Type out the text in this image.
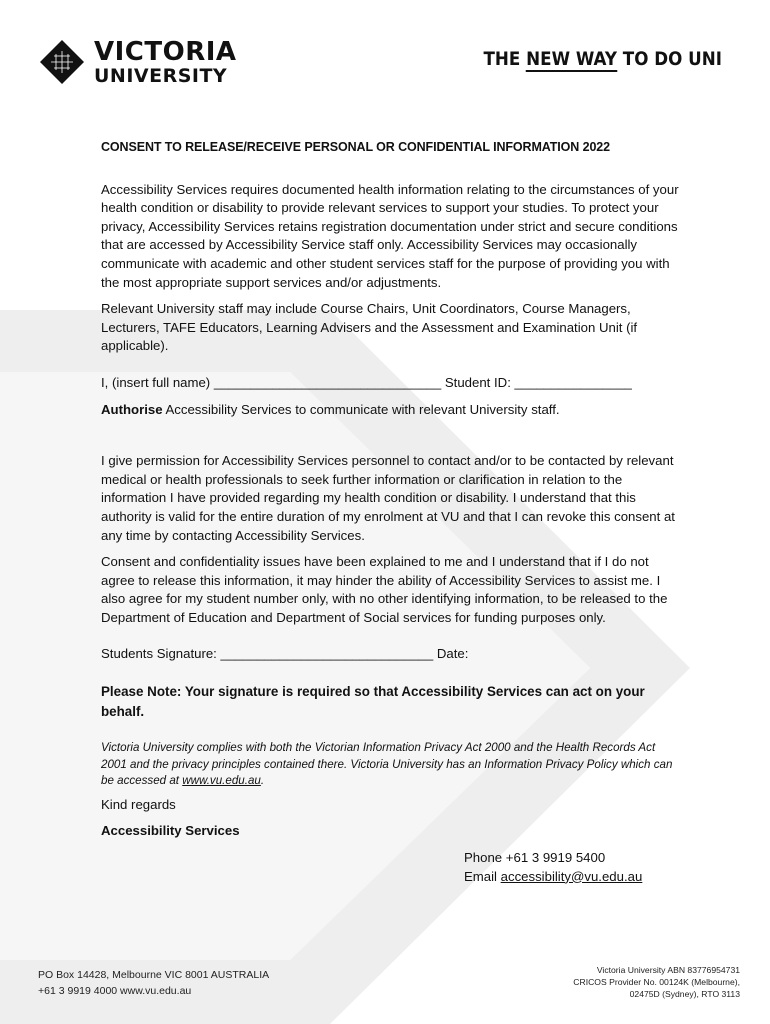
VICTORIA
UNIVERSITY
THE NEW WAY TO DO UNI
CONSENT TO RELEASE/RECEIVE PERSONAL OR CONFIDENTIAL INFORMATION 2022

Accessibility Services requires documented health information relating to the circumstances of your health condition or disability to provide relevant services to support your studies. To protect your privacy, Accessibility Services retains registration documentation under strict and secure conditions that are accessed by Accessibility Service staff only. Accessibility Services may occasionally communicate with academic and other student services staff for the purpose of providing you with the most appropriate support services and/or adjustments.

Relevant University staff may include Course Chairs, Unit Coordinators, Course Managers, Lecturers, TAFE Educators, Learning Advisers and the Assessment and Examination Unit (if applicable).

I, (insert full name) _______________________________ Student ID: ________________

Authorise Accessibility Services to communicate with relevant University staff.

I give permission for Accessibility Services personnel to contact and/or to be contacted by relevant medical or health professionals to seek further information or clarification in relation to the information I have provided regarding my health condition or disability. I understand that this authority is valid for the entire duration of my enrolment at VU and that I can revoke this consent at any time by contacting Accessibility Services.

Consent and confidentiality issues have been explained to me and I understand that if I do not agree to release this information, it may hinder the ability of Accessibility Services to assist me. I also agree for my student number only, with no other identifying information, to be released to the Department of Education and Department of Social services for funding purposes only.

Students Signature: _____________________________ Date:

Please Note: Your signature is required so that Accessibility Services can act on your behalf.

Victoria University complies with both the Victorian Information Privacy Act 2000 and the Health Records Act 2001 and the privacy principles contained there. Victoria University has an Information Privacy Policy which can be accessed at www.vu.edu.au.

Kind regards

Accessibility Services

Phone +61 3 9919 5400
Email accessibility@vu.edu.au
PO Box 14428, Melbourne VIC 8001 AUSTRALIA
+61 3 9919 4000 www.vu.edu.au
Victoria University ABN 83776954731
CRICOS Provider No. 00124K (Melbourne),
02475D (Sydney), RTO 3113
